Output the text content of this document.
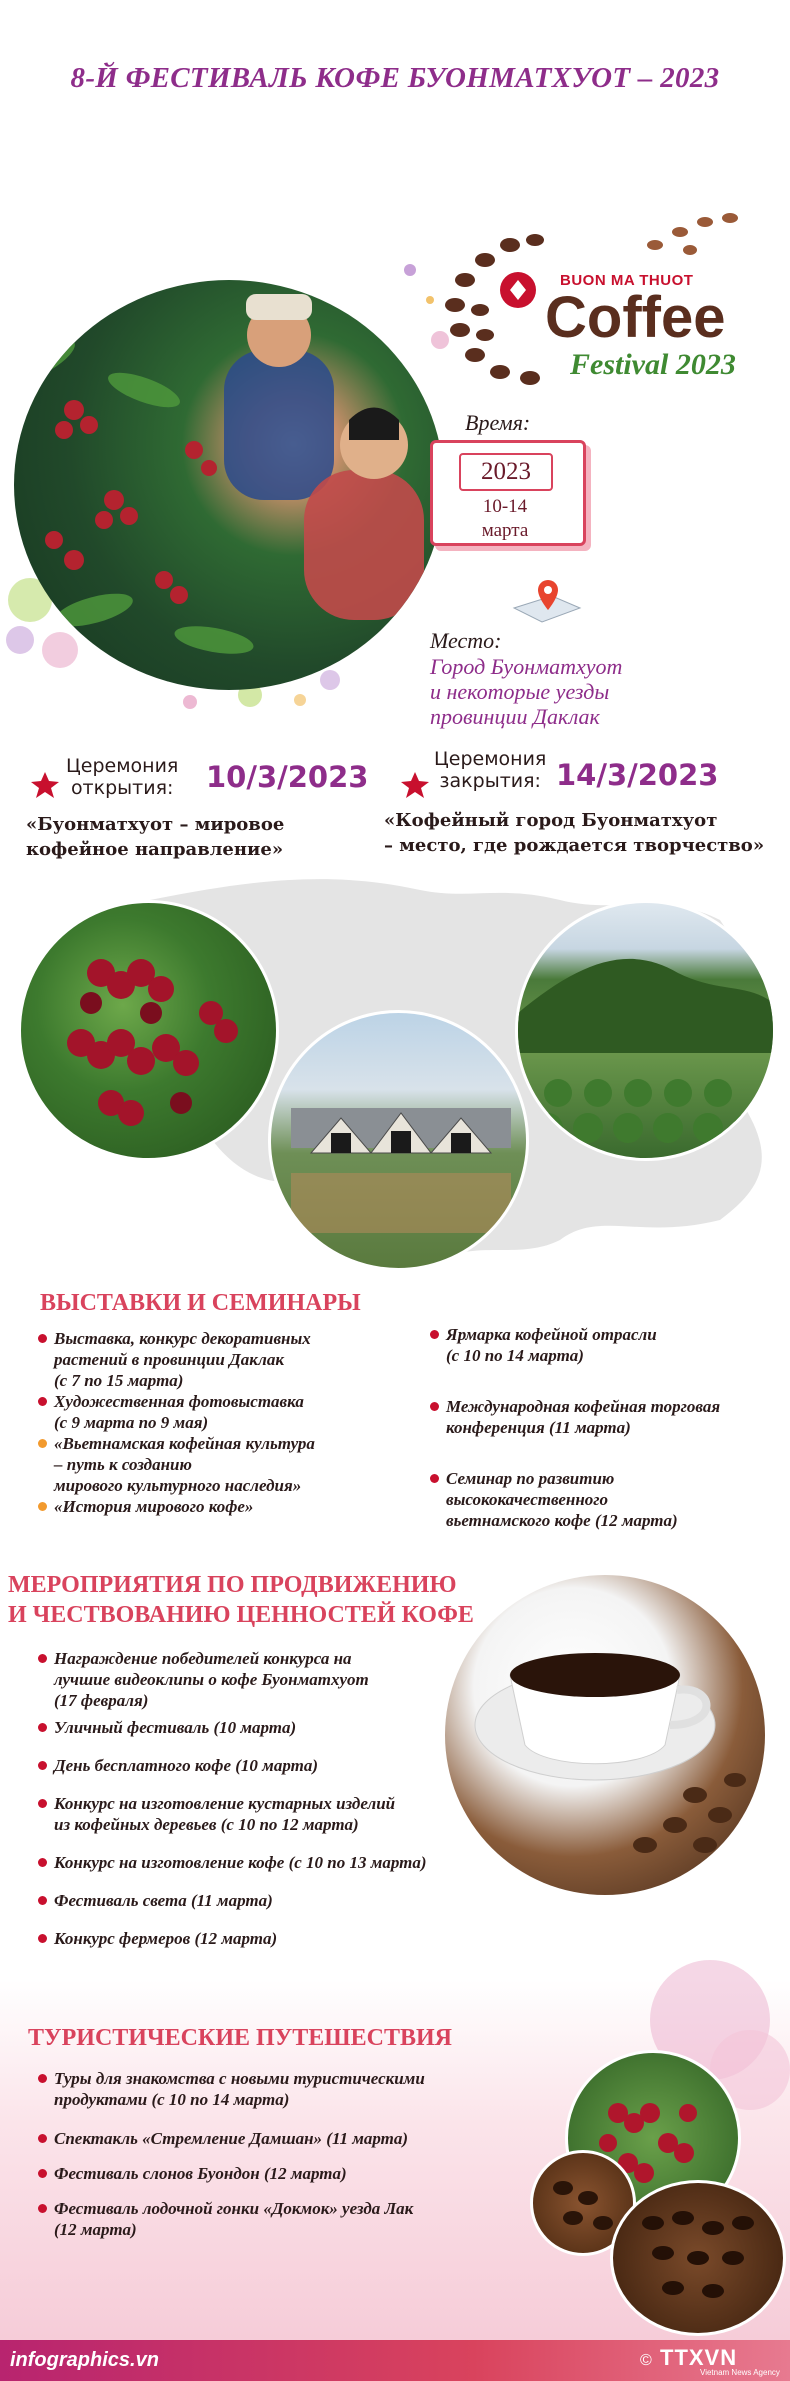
8-Й ФЕСТИВАЛЬ КОФЕ БУОНМАТХУОТ – 2023
BUON MA THUOT
Coffee
Festival 2023
Время:
2023
10-14
марта
Место:
Город Буонматхуот
и некоторые уезды
провинции Даклак
Церемония
открытия: 10/3/2023
«Буонматхуот – мировое
кофейное направление»
Церемония
закрытия: 14/3/2023
«Кофейный город Буонматхуот
– место, где рождается творчество»
ВЫСТАВКИ И СЕМИНАРЫ
Выставка, конкурс декоративных
растений в провинции Даклак
(с 7 по 15 марта)
Художественная фотовыставка
(с 9 марта по 9 мая)
«Вьетнамская кофейная культура
– путь к созданию
мирового культурного наследия»
«История мирового кофе»
Ярмарка кофейной отрасли
(с 10 по 14 марта)
Международная кофейная торговая
конференция (11 марта)
Семинар по развитию
высококачественного
вьетнамского кофе (12 марта)
МЕРОПРИЯТИЯ ПО ПРОДВИЖЕНИЮ
И ЧЕСТВОВАНИЮ ЦЕННОСТЕЙ КОФЕ
Награждение победителей конкурса на
лучшие видеоклипы о кофе Буонматхуот
(17 февраля)
Уличный фестиваль (10 марта)
День бесплатного кофе (10 марта)
Конкурс на изготовление кустарных изделий
из кофейных деревьев (с 10 по 12 марта)
Конкурс на изготовление кофе (с 10 по 13 марта)
Фестиваль света (11 марта)
Конкурс фермеров (12 марта)
ТУРИСТИЧЕСКИЕ ПУТЕШЕСТВИЯ
Туры для знакомства с новыми туристическими
продуктами (с 10 по 14 марта)
Спектакль «Стремление Дамшан» (11 марта)
Фестиваль слонов Буондон (12 марта)
Фестиваль лодочной гонки «Докмок» уезда Лак
(12 марта)
infographics.vn	© TTXVN
Vietnam News Agency
